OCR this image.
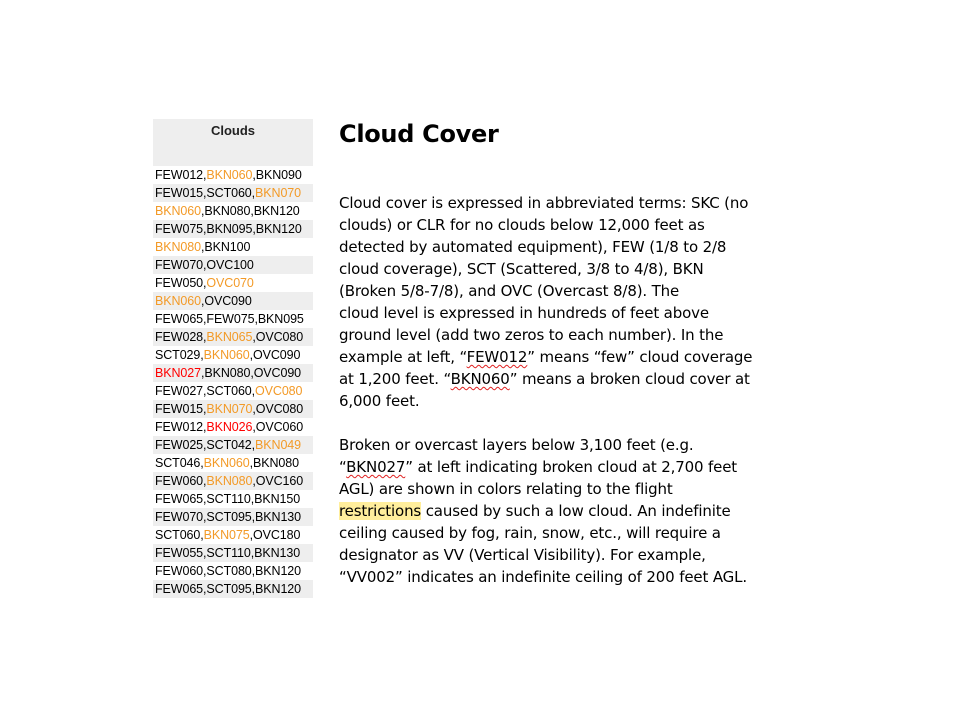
Clouds
FEW012,BKN060,BKN090
FEW015,SCT060,BKN070
BKN060,BKN080,BKN120
FEW075,BKN095,BKN120
BKN080,BKN100
FEW070,OVC100
FEW050,OVC070
BKN060,OVC090
FEW065,FEW075,BKN095
FEW028,BKN065,OVC080
SCT029,BKN060,OVC090
BKN027,BKN080,OVC090
FEW027,SCT060,OVC080
FEW015,BKN070,OVC080
FEW012,BKN026,OVC060
FEW025,SCT042,BKN049
SCT046,BKN060,BKN080
FEW060,BKN080,OVC160
FEW065,SCT110,BKN150
FEW070,SCT095,BKN130
SCT060,BKN075,OVC180
FEW055,SCT110,BKN130
FEW060,SCT080,BKN120
FEW065,SCT095,BKN120
Cloud Cover
Cloud cover is expressed in abbreviated terms: SKC (no
clouds) or CLR for no clouds below 12,000 feet as
detected by automated equipment), FEW (1/8 to 2/8
cloud coverage), SCT (Scattered, 3/8 to 4/8), BKN
(Broken 5/8-7/8), and OVC (Overcast 8/8). The
cloud level is expressed in hundreds of feet above
ground level (add two zeros to each number). In the
example at left, “FEW012” means “few” cloud coverage
at 1,200 feet. “BKN060” means a broken cloud cover at
6,000 feet.
Broken or overcast layers below 3,100 feet (e.g.
“BKN027” at left indicating broken cloud at 2,700 feet
AGL) are shown in colors relating to the flight
restrictions caused by such a low cloud. An indefinite
ceiling caused by fog, rain, snow, etc., will require a
designator as VV (Vertical Visibility). For example,
“VV002” indicates an indefinite ceiling of 200 feet AGL.
